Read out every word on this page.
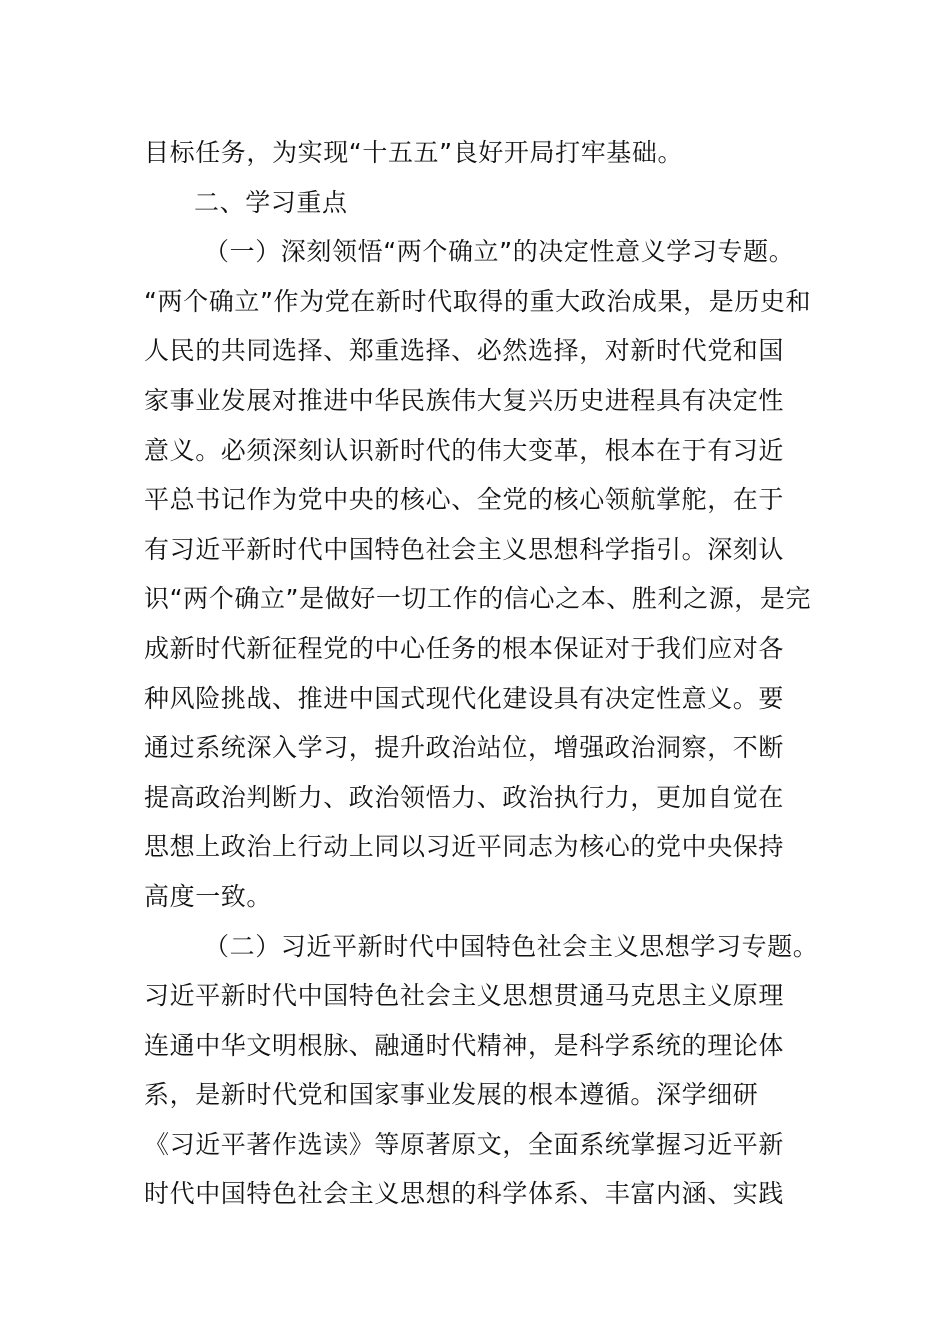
目标任务，为实现“十五五”良好开局打牢基础。
二、学习重点
（一）深刻领悟“两个确立”的决定性意义学习专题。
“两个确立”作为党在新时代取得的重大政治成果，是历史和
人民的共同选择、郑重选择、必然选择，对新时代党和国
家事业发展对推进中华民族伟大复兴历史进程具有决定性
意义。必须深刻认识新时代的伟大变革，根本在于有习近
平总书记作为党中央的核心、全党的核心领航掌舵，在于
有习近平新时代中国特色社会主义思想科学指引。深刻认
识“两个确立”是做好一切工作的信心之本、胜利之源，是完
成新时代新征程党的中心任务的根本保证对于我们应对各
种风险挑战、推进中国式现代化建设具有决定性意义。要
通过系统深入学习，提升政治站位，增强政治洞察，不断
提高政治判断力、政治领悟力、政治执行力，更加自觉在
思想上政治上行动上同以习近平同志为核心的党中央保持
高度一致。
（二）习近平新时代中国特色社会主义思想学习专题。
习近平新时代中国特色社会主义思想贯通马克思主义原理
连通中华文明根脉、融通时代精神，是科学系统的理论体
系，是新时代党和国家事业发展的根本遵循。深学细研
《习近平著作选读》等原著原文，全面系统掌握习近平新
时代中国特色社会主义思想的科学体系、丰富内涵、实践
